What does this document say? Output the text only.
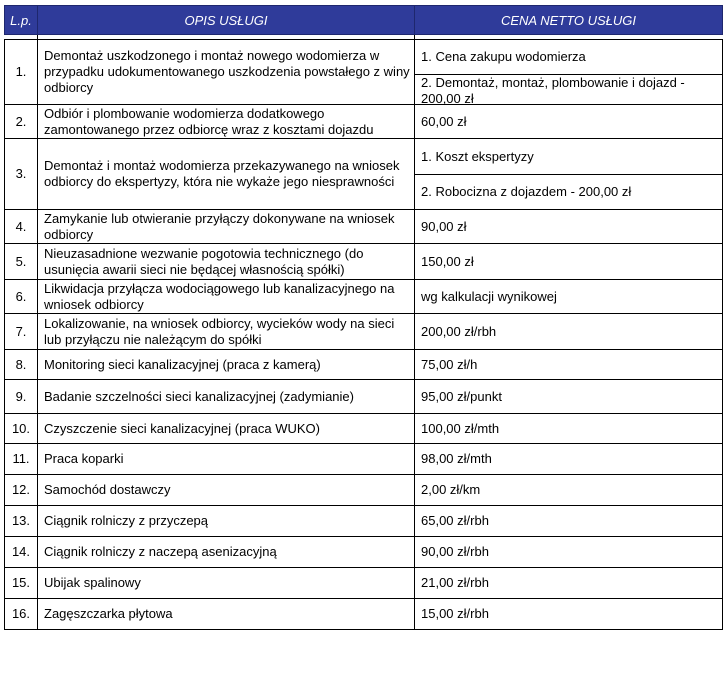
L.p.	OPIS USŁUGI	CENA NETTO USŁUGI

1.	Demontaż uszkodzonego i montaż nowego wodomierza w przypadku udokumentowanego uszkodzenia powstałego z winy odbiorcy	1. Cena zakupu wodomierza
2. Demontaż, montaż, plombowanie i dojazd - 200,00 zł

2.	Odbiór i plombowanie wodomierza dodatkowego zamontowanego przez odbiorcę wraz z kosztami dojazdu	60,00 zł
3.	Demontaż i montaż wodomierza przekazywanego na wniosek odbiorcy do ekspertyzy, która nie wykaże jego niesprawności	1. Koszt ekspertyzy
2. Robocizna z dojazdem - 200,00 zł

4.	Zamykanie lub otwieranie przyłączy dokonywane na wniosek odbiorcy	90,00 zł
5.	Nieuzasadnione wezwanie pogotowia technicznego (do usunięcia awarii sieci nie będącej własnością spółki)	150,00 zł
6.	Likwidacja przyłącza wodociągowego lub kanalizacyjnego na wniosek odbiorcy	wg kalkulacji wynikowej
7.	Lokalizowanie, na wniosek odbiorcy, wycieków wody na sieci lub przyłączu nie należącym do spółki	200,00 zł/rbh
8.	Monitoring sieci kanalizacyjnej (praca z kamerą)	75,00 zł/h
9.	Badanie szczelności sieci kanalizacyjnej (zadymianie)	95,00 zł/punkt
10.	Czyszczenie sieci kanalizacyjnej (praca WUKO)	100,00 zł/mth
11.	Praca koparki	98,00 zł/mth
12.	Samochód dostawczy	2,00 zł/km
13.	Ciągnik rolniczy z przyczepą	65,00 zł/rbh
14.	Ciągnik rolniczy z naczepą asenizacyjną	90,00 zł/rbh
15.	Ubijak spalinowy	21,00 zł/rbh
16.	Zagęszczarka płytowa	15,00 zł/rbh
